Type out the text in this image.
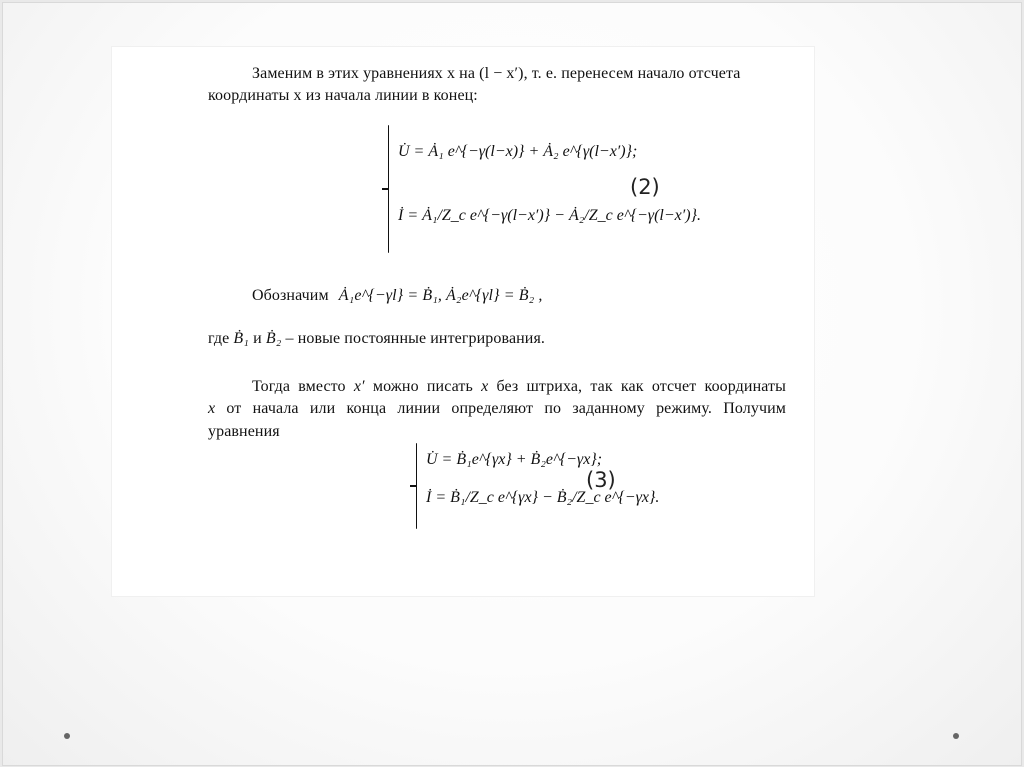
Заменим в этих уравнениях x на (l − x′), т. е. перенесем начало отсчета
координаты x из начала линии в конец:
U̇ = Ȧ₁ e^{−γ(l−x)} + Ȧ₂ e^{γ(l−x′)};
İ = Ȧ₁/Z_c e^{−γ(l−x′)} − Ȧ₂/Z_c e^{−γ(l−x′)}.
(2)
Обозначим Ȧ₁e^{−γl} = Ḃ₁, Ȧ₂e^{γl} = Ḃ₂ ,
где Ḃ₁ и Ḃ₂ – новые постоянные интегрирования.
Тогда вместо x′ можно писать x без штриха, так как отсчет координаты
x от начала или конца линии определяют по заданному режиму. Получим
уравнения
U̇ = Ḃ₁e^{γx} + Ḃ₂e^{−γx};
İ = Ḃ₁/Z_c e^{γx} − Ḃ₂/Z_c e^{−γx}.
(3)
